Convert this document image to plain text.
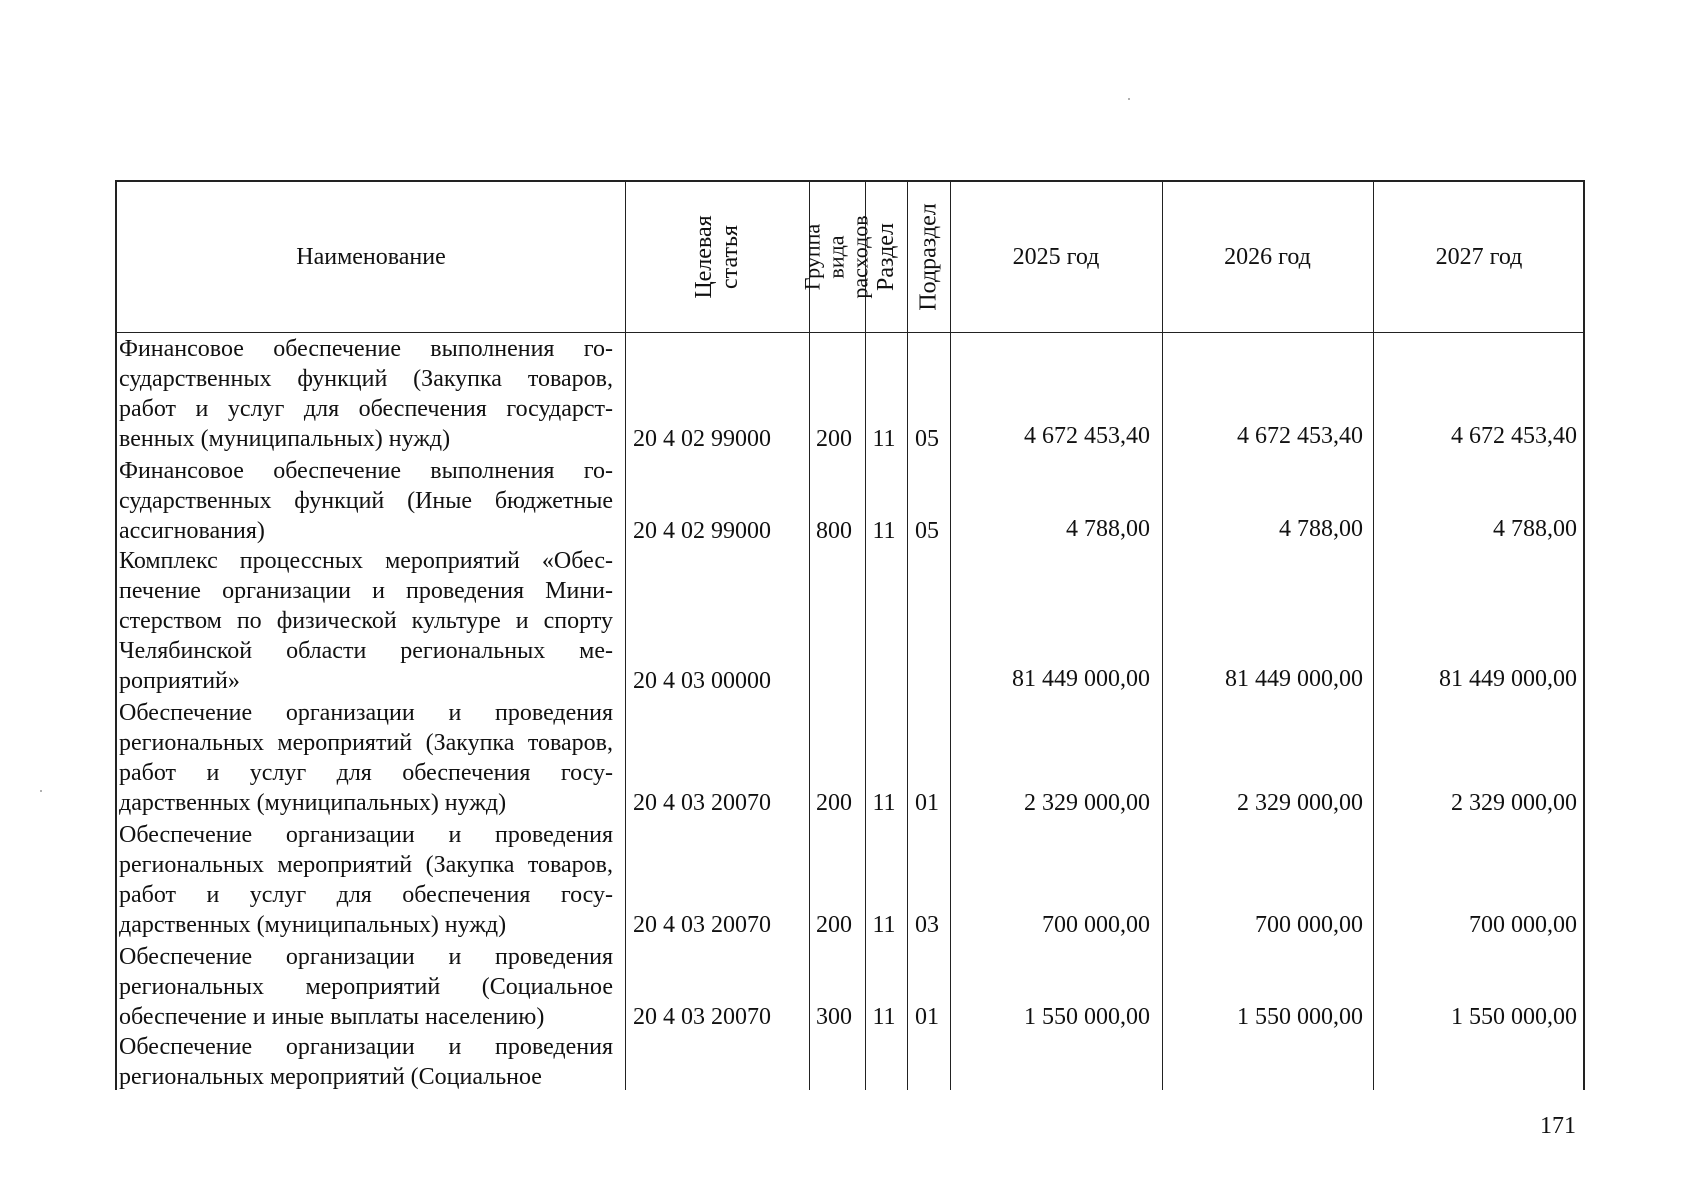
Наименование	Целевая статья	Группа вида расходов Раздел Подраздел	2025 год	2026 год	2027 год
Финансовое обеспечение выполнения государственных функций (Закупка товаров, работ и услуг для обеспечения государственных (муниципальных) нужд)	20 4 02 99000	200 11 05	4 672 453,40	4 672 453,40	4 672 453,40
Финансовое обеспечение выполнения государственных функций (Иные бюджетные ассигнования)	20 4 02 99000	800 11 05	4 788,00	4 788,00	4 788,00
Комплекс процессных мероприятий «Обеспечение организации и проведения Министерством по физической культуре и спорту Челябинской области региональных мероприятий»	20 4 03 00000	81 449 000,00	81 449 000,00	81 449 000,00
Обеспечение организации и проведения региональных мероприятий (Закупка товаров, работ и услуг для обеспечения государственных (муниципальных) нужд)	20 4 03 20070	200 11 01	2 329 000,00	2 329 000,00	2 329 000,00
Обеспечение организации и проведения региональных мероприятий (Закупка товаров, работ и услуг для обеспечения государственных (муниципальных) нужд)	20 4 03 20070	200 11 03	700 000,00	700 000,00	700 000,00
Обеспечение организации и проведения региональных мероприятий (Социальное обеспечение и иные выплаты населению)	20 4 03 20070	300 11 01	1 550 000,00	1 550 000,00	1 550 000,00
Обеспечение организации и проведения региональных мероприятий (Социальное
171
